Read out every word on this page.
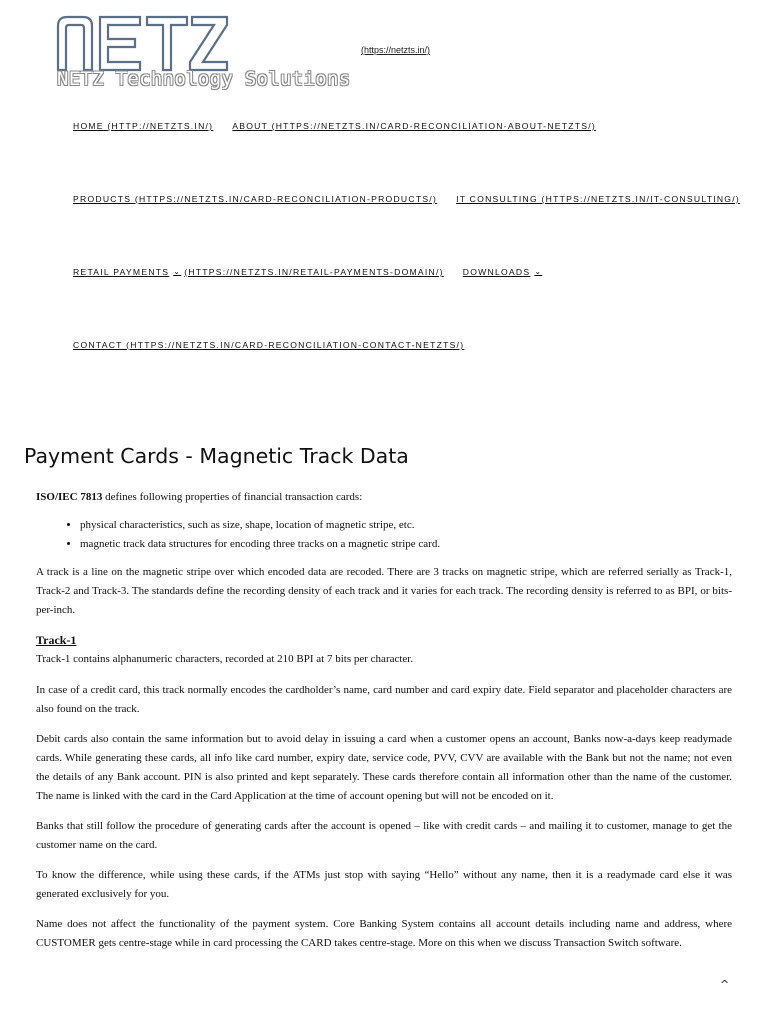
NETZ Technology Solutions
(https://netzts.in/)
HOME (HTTP://NETZTS.IN/) ABOUT (HTTPS://NETZTS.IN/CARD-RECONCILIATION-ABOUT-NETZTS/)
PRODUCTS (HTTPS://NETZTS.IN/CARD-RECONCILIATION-PRODUCTS/) IT CONSULTING (HTTPS://NETZTS.IN/IT-CONSULTING/)
RETAIL PAYMENTS ⌄ (HTTPS://NETZTS.IN/RETAIL-PAYMENTS-DOMAIN/) DOWNLOADS ⌄
CONTACT (HTTPS://NETZTS.IN/CARD-RECONCILIATION-CONTACT-NETZTS/)
Payment Cards - Magnetic Track Data

ISO/IEC 7813 defines following properties of financial transaction cards:

• physical characteristics, such as size, shape, location of magnetic stripe, etc.
• magnetic track data structures for encoding three tracks on a magnetic stripe card.

A track is a line on the magnetic stripe over which encoded data are recoded. There are 3 tracks on magnetic stripe, which are referred serially as Track-1, Track-2 and Track-3. The standards define the recording density of each track and it varies for each track. The recording density is referred to as BPI, or bits-per-inch.

Track-1

Track-1 contains alphanumeric characters, recorded at 210 BPI at 7 bits per character.

In case of a credit card, this track normally encodes the cardholder’s name, card number and card expiry date. Field separator and placeholder characters are also found on the track.

Debit cards also contain the same information but to avoid delay in issuing a card when a customer opens an account, Banks now-a-days keep readymade cards. While generating these cards, all info like card number, expiry date, service code, PVV, CVV are available with the Bank but not the name; not even the details of any Bank account. PIN is also printed and kept separately. These cards therefore contain all information other than the name of the customer. The name is linked with the card in the Card Application at the time of account opening but will not be encoded on it.

Banks that still follow the procedure of generating cards after the account is opened – like with credit cards – and mailing it to customer, manage to get the customer name on the card.

To know the difference, while using these cards, if the ATMs just stop with saying “Hello” without any name, then it is a readymade card else it was generated exclusively for you.

Name does not affect the functionality of the payment system. Core Banking System contains all account details including name and address, where CUSTOMER gets centre-stage while in card processing the CARD takes centre-stage. More on this when we discuss Transaction Switch software.

^
